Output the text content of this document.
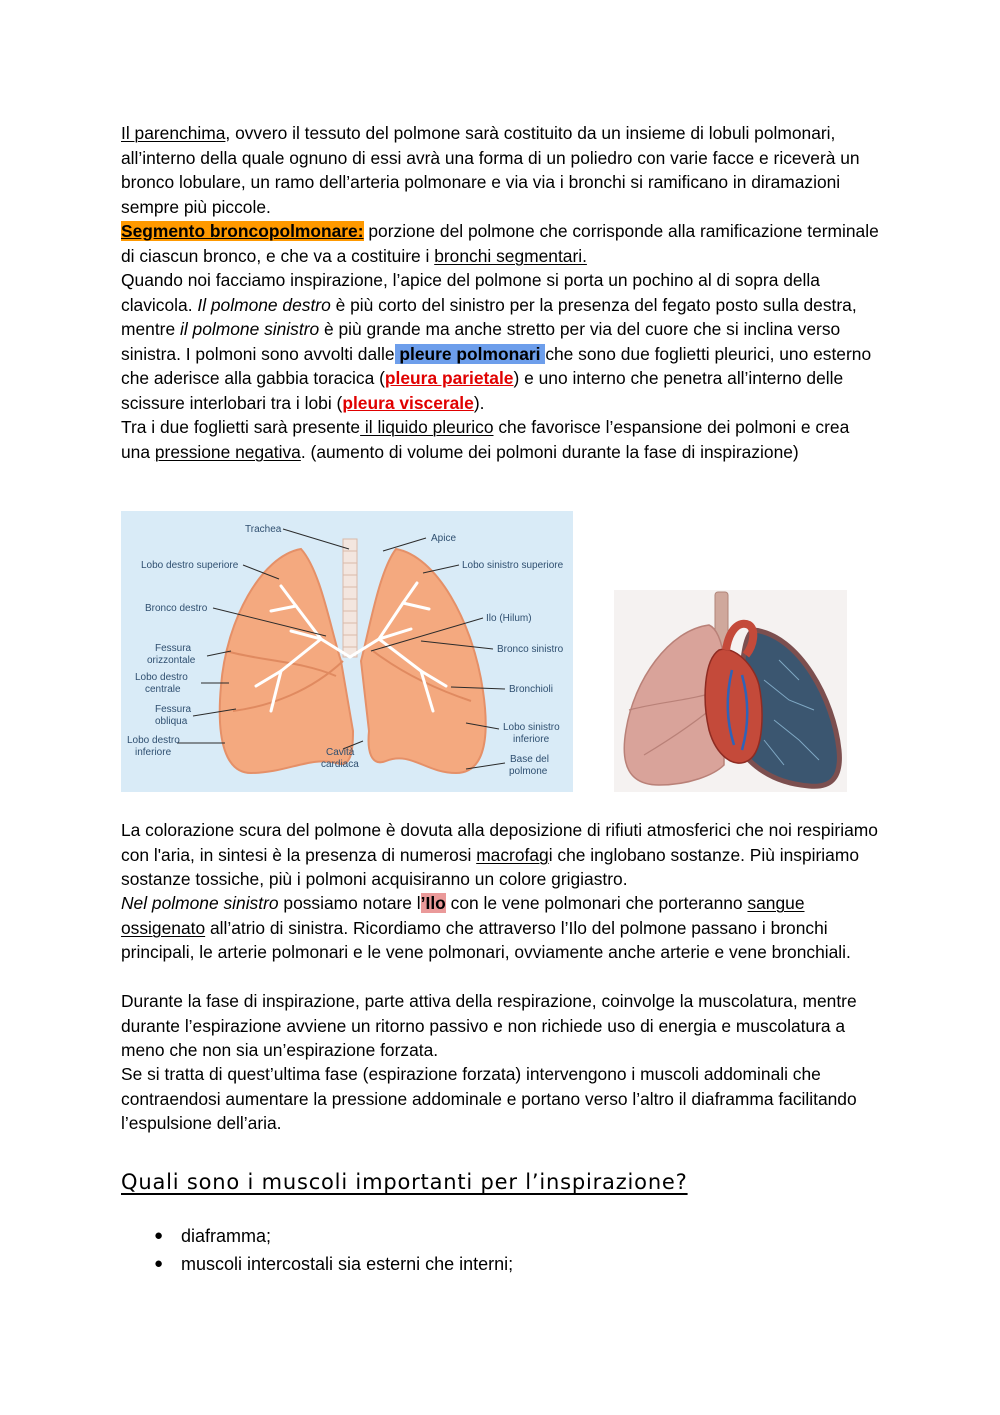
Il parenchima, ovvero il tessuto del polmone sarà costituito da un insieme di lobuli polmonari, all’interno della quale ognuno di essi avrà una forma di un poliedro con varie facce e riceverà un bronco lobulare, un ramo dell’arteria polmonare e via via i bronchi si ramificano in diramazioni sempre più piccole.

Segmento broncopolmonare: porzione del polmone che corrisponde alla ramificazione terminale di ciascun bronco, e che va a costituire i bronchi segmentari.

Quando noi facciamo inspirazione, l’apice del polmone si porta un pochino al di sopra della clavicola. Il polmone destro è più corto del sinistro per la presenza del fegato posto sulla destra, mentre il polmone sinistro è più grande ma anche stretto per via del cuore che si inclina verso sinistra. I polmoni sono avvolti dalle pleure polmonari che sono due foglietti pleurici, uno esterno che aderisce alla gabbia toracica (pleura parietale) e uno interno che penetra all’interno delle scissure interlobari tra i lobi (pleura viscerale).

Tra i due foglietti sarà presente il liquido pleurico che favorisce l’espansione dei polmoni e crea una pressione negativa. (aumento di volume dei polmoni durante la fase di inspirazione)

Trachea
Apice
Lobo destro superiore	Lobo sinistro superiore
Bronco destro
Ilo (Hilum)
Fessura
orizzontale
Bronco sinistro
Lobo destro
centrale	Bronchioli
Fessura
obliqua
Lobo sinistro
inferiore
Lobo destro
inferiore	Cavità
cardiaca	Base del
polmone

La colorazione scura del polmone è dovuta alla deposizione di rifiuti atmosferici che noi respiriamo con l'aria, in sintesi è la presenza di numerosi macrofagi che inglobano sostanze. Più inspiriamo sostanze tossiche, più i polmoni acquisiranno un colore grigiastro.

Nel polmone sinistro possiamo notare l’Ilo con le vene polmonari che porteranno sangue ossigenato all’atrio di sinistra. Ricordiamo che attraverso l’Ilo del polmone passano i bronchi principali, le arterie polmonari e le vene polmonari, ovviamente anche arterie e vene bronchiali.

Durante la fase di inspirazione, parte attiva della respirazione, coinvolge la muscolatura, mentre durante l’espirazione avviene un ritorno passivo e non richiede uso di energia e muscolatura a meno che non sia un’espirazione forzata.

Se si tratta di quest’ultima fase (espirazione forzata) intervengono i muscoli addominali che contraendosi aumentare la pressione addominale e portano verso l’altro il diaframma facilitando l’espulsione dell’aria.

Quali sono i muscoli importanti per l’inspirazione?
● diaframma;
● muscoli intercostali sia esterni che interni;
